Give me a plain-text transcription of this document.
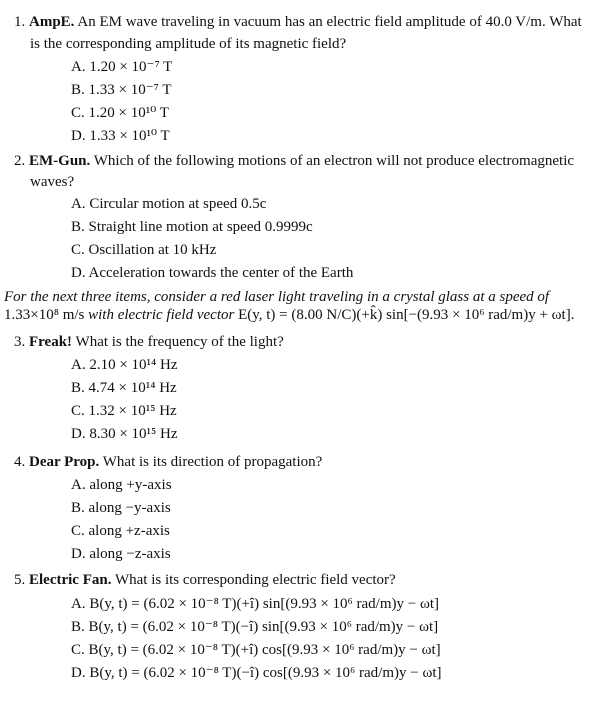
1. AmpE. An EM wave traveling in vacuum has an electric field amplitude of 40.0 V/m. What
is the corresponding amplitude of its magnetic field?
A. 1.20 × 10⁻⁷ T
B. 1.33 × 10⁻⁷ T
C. 1.20 × 10¹⁰ T
D. 1.33 × 10¹⁰ T
2. EM-Gun. Which of the following motions of an electron will not produce electromagnetic
waves?
A. Circular motion at speed 0.5c
B. Straight line motion at speed 0.9999c
C. Oscillation at 10 kHz
D. Acceleration towards the center of the Earth
For the next three items, consider a red laser light traveling in a crystal glass at a speed of
1.33×10⁸ m/s with electric field vector E(y, t) = (8.00 N/C)(+k̂) sin[−(9.93 × 10⁶ rad/m)y + ωt].
3. Freak! What is the frequency of the light?
A. 2.10 × 10¹⁴ Hz
B. 4.74 × 10¹⁴ Hz
C. 1.32 × 10¹⁵ Hz
D. 8.30 × 10¹⁵ Hz
4. Dear Prop. What is its direction of propagation?
A. along +y-axis
B. along −y-axis
C. along +z-axis
D. along −z-axis
5. Electric Fan. What is its corresponding electric field vector?
A. B(y, t) = (6.02 × 10⁻⁸ T)(+î) sin[(9.93 × 10⁶ rad/m)y − ωt]
B. B(y, t) = (6.02 × 10⁻⁸ T)(−î) sin[(9.93 × 10⁶ rad/m)y − ωt]
C. B(y, t) = (6.02 × 10⁻⁸ T)(+î) cos[(9.93 × 10⁶ rad/m)y − ωt]
D. B(y, t) = (6.02 × 10⁻⁸ T)(−î) cos[(9.93 × 10⁶ rad/m)y − ωt]
